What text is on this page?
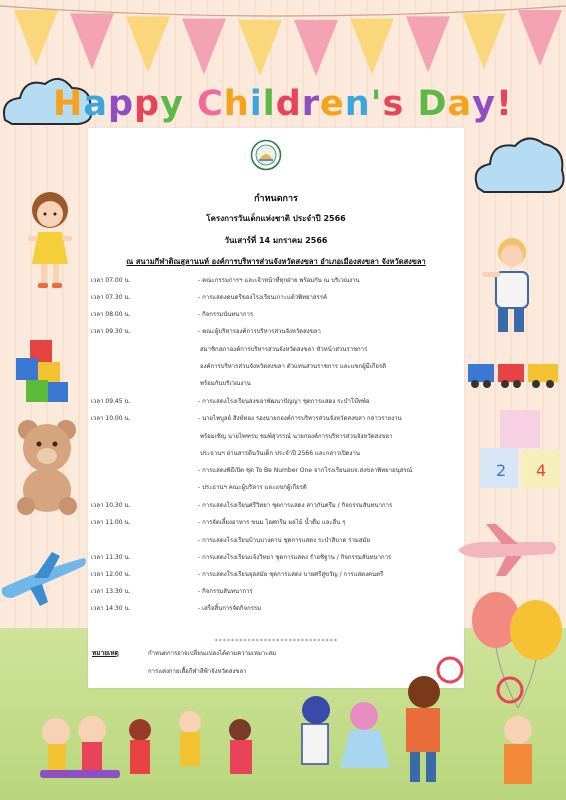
Happy Children's Day!
กำหนดการ
โครงการวันเด็กแห่งชาติ ประจำปี 2566
วันเสาร์ที่ 14 มกราคม 2566
ณ สนามกีฬาติณสูลานนท์ องค์การบริหารส่วนจังหวัดสงขลา อำเภอเมืองสงขลา จังหวัดสงขลา
เวลา 07.00 น.	- คณะกรรมการฯ และเจ้าหน้าที่ทุกฝ่าย พร้อมกัน ณ บริเวณงาน
เวลา 07.30 น.	- การแสดงดนตรีของโรงเรียนเกาะแต้วพิทยาสรรค์
เวลา 08.00 น.	- กิจกรรมนันทนาการ
เวลา 09.30 น.	- คณะผู้บริหารองค์การบริหารส่วนจังหวัดสงขลา
สมาชิกสภาองค์การบริหารส่วนจังหวัดสงขลา หัวหน้าส่วนราชการ
องค์การบริหารส่วนจังหวัดสงขลา ตัวแทนส่วนราชการ และแขกผู้มีเกียรติ
พร้อมกันบริเวณงาน
เวลา 09.45 น.	- การแสดงโรงเรียนสงขลาพัฒนาปัญญา ชุดการแสดง ระบำโบ๊ทพ์อ
เวลา 10.00 น.	- นายไพบูลย์ สิงห์ทอง รองนายกองค์การบริหารส่วนจังหวัดสงขลา กล่าวรายงาน
พร้อมเชิญ นายไพฑรม ชมพ์สุวรรณ์ นายกองค์การบริหารส่วนจังหวัดสงขลา
ประธานฯ อ่านสารตีนวันเด็ก ประจำปี 2566 และกล่าวเปิดงาน
- การแสดงพิธีเปิด ชุด To Be Number One จากโรงเรียนอบจ.สงขลาพิทยาอนุสรณ์
- ประธานฯ คณะผู้บริหาร และแขกผู้เกียรติ
เวลา 10.30 น.	- การแสดงโรงเรียนศรีวิทยา ชุดการแสดง สาวกันตรึม / กิจกรรมสันทนาการ
เวลา 11.00 น.	- การจัดเลี้ยงอาหาร ขนม ไอศกรีม ผลไม้ น้ำดื่ม และอื่น ๆ
- การแสดงโรงเรียนบ้านบางดาน ชุดการแสดง ระบำสิบาด ร่วมสมัย
เวลา 11.30 น.	- การแสดงโรงเรียนแจ้งวิทยา ชุดการแสดง รำอชิฐาน / กิจกรรมสันทนาการ
เวลา 12.00 น.	- การแสดงโรงเรียนจุลสมัย ชุดการแสดง บายศรีสู่ขวัญ / การแสดงคนตรี
เวลา 13.30 น.	- กิจกรรมสันทนาการ
เวลา 14.30 น.	- เสร็จสิ้นการจัดกิจกรรม
******************************
หมายเหตุ	กำหนดการอาจเปลี่ยนแปลงได้ตามความเหมาะสม
การแต่งกายเสื้อกีฬาสีฟ้าจังหวัดสงขลา
2 4
